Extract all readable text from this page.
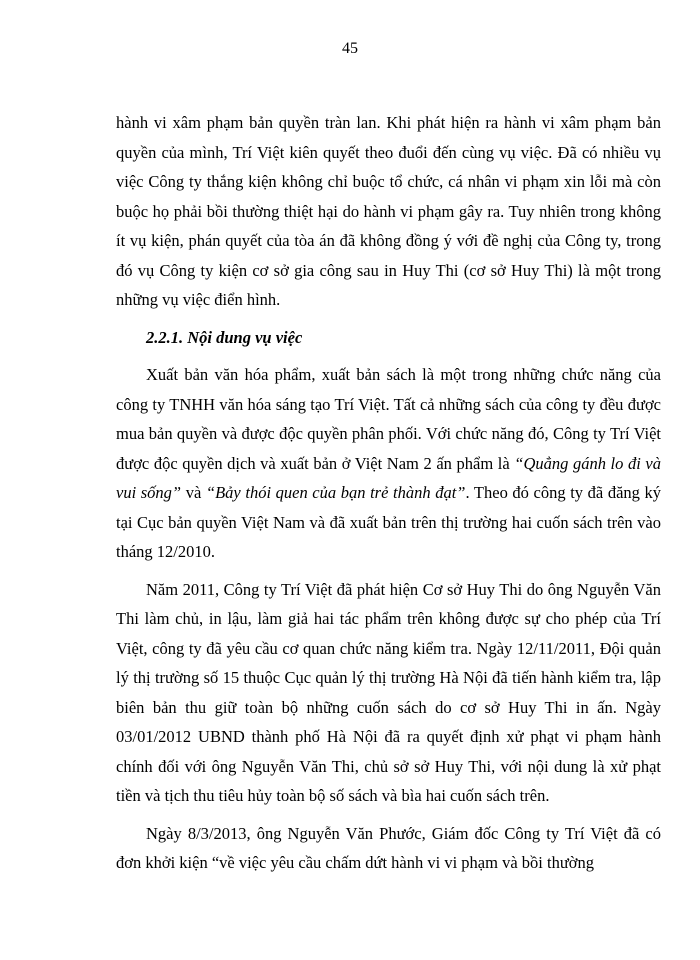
45

hành vi xâm phạm bản quyền tràn lan. Khi phát hiện ra hành vi xâm phạm bản quyền của mình, Trí Việt kiên quyết theo đuổi đến cùng vụ việc. Đã có nhiều vụ việc Công ty thắng kiện không chỉ buộc tổ chức, cá nhân vi phạm xin lỗi mà còn buộc họ phải bồi thường thiệt hại do hành vi phạm gây ra. Tuy nhiên trong không ít vụ kiện, phán quyết của tòa án đã không đồng ý với đề nghị của Công ty, trong đó vụ Công ty kiện cơ sở gia công sau in Huy Thi (cơ sở Huy Thi) là một trong những vụ việc điển hình.

2.2.1. Nội dung vụ việc

Xuất bản văn hóa phẩm, xuất bản sách là một trong những chức năng của công ty TNHH văn hóa sáng tạo Trí Việt. Tất cả những sách của công ty đều được mua bản quyền và được độc quyền phân phối. Với chức năng đó, Công ty Trí Việt được độc quyền dịch và xuất bản ở Việt Nam 2 ấn phẩm là “Quẳng gánh lo đi và vui sống” và “Bảy thói quen của bạn trẻ thành đạt”. Theo đó công ty đã đăng ký tại Cục bản quyền Việt Nam và đã xuất bản trên thị trường hai cuốn sách trên vào tháng 12/2010.

Năm 2011, Công ty Trí Việt đã phát hiện Cơ sở Huy Thi do ông Nguyễn Văn Thi làm chủ, in lậu, làm giả hai tác phẩm trên không được sự cho phép của Trí Việt, công ty đã yêu cầu cơ quan chức năng kiểm tra. Ngày 12/11/2011, Đội quản lý thị trường số 15 thuộc Cục quản lý thị trường Hà Nội đã tiến hành kiểm tra, lập biên bản thu giữ toàn bộ những cuốn sách do cơ sở Huy Thi in ấn. Ngày 03/01/2012 UBND thành phố Hà Nội đã ra quyết định xử phạt vi phạm hành chính đối với ông Nguyễn Văn Thi, chủ sở sở Huy Thi, với nội dung là xử phạt tiền và tịch thu tiêu hủy toàn bộ số sách và bìa hai cuốn sách trên.

Ngày 8/3/2013, ông Nguyễn Văn Phước, Giám đốc Công ty Trí Việt đã có đơn khởi kiện “về việc yêu cầu chấm dứt hành vi vi phạm và bồi thường
